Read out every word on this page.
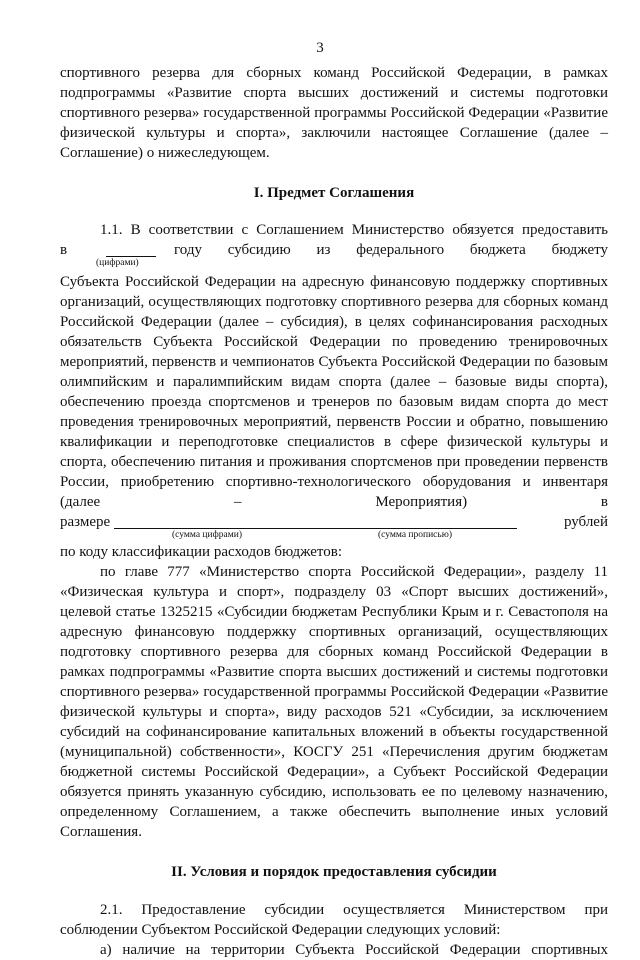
3

спортивного резерва для сборных команд Российской Федерации, в рамках подпрограммы «Развитие спорта высших достижений и системы подготовки спортивного резерва» государственной программы Российской Федерации «Развитие физической культуры и спорта», заключили настоящее Соглашение (далее – Соглашение) о нижеследующем.

I. Предмет Соглашения

1.1. В соответствии с Соглашением Министерство обязуется предоставить

в	году субсидию из федерального бюджета бюджету
(цифрами)

Субъекта Российской Федерации на адресную финансовую поддержку спортивных организаций, осуществляющих подготовку спортивного резерва для сборных команд Российской Федерации (далее – субсидия), в целях софинансирования расходных обязательств Субъекта Российской Федерации по проведению тренировочных мероприятий, первенств и чемпионатов Субъекта Российской Федерации по базовым олимпийским и паралимпийским видам спорта (далее – базовые виды спорта), обеспечению проезда спортсменов и тренеров по базовым видам спорта до мест проведения тренировочных мероприятий, первенств России и обратно, повышению квалификации и переподготовке специалистов в сфере физической культуры и спорта, обеспечению питания и проживания спортсменов при проведении первенств России, приобретению спортивно-технологического оборудования и инвентаря (далее – Мероприятия) в

размере	рублей
(сумма цифрами)	(сумма прописью)

по коду классификации расходов бюджетов:

по главе 777 «Министерство спорта Российской Федерации», разделу 11 «Физическая культура и спорт», подразделу 03 «Спорт высших достижений», целевой статье 1325215 «Субсидии бюджетам Республики Крым и г. Севастополя на адресную финансовую поддержку спортивных организаций, осуществляющих подготовку спортивного резерва для сборных команд Российской Федерации в рамках подпрограммы «Развитие спорта высших достижений и системы подготовки спортивного резерва» государственной программы Российской Федерации «Развитие физической культуры и спорта», виду расходов 521 «Субсидии, за исключением субсидий на софинансирование капитальных вложений в объекты государственной (муниципальной) собственности», КОСГУ 251 «Перечисления другим бюджетам бюджетной системы Российской Федерации», а Субъект Российской Федерации обязуется принять указанную субсидию, использовать ее по целевому назначению, определенному Соглашением, а также обеспечить выполнение иных условий Соглашения.

II. Условия и порядок предоставления субсидии

2.1. Предоставление субсидии осуществляется Министерством при соблюдении Субъектом Российской Федерации следующих условий:

а) наличие на территории Субъекта Российской Федерации спортивных
